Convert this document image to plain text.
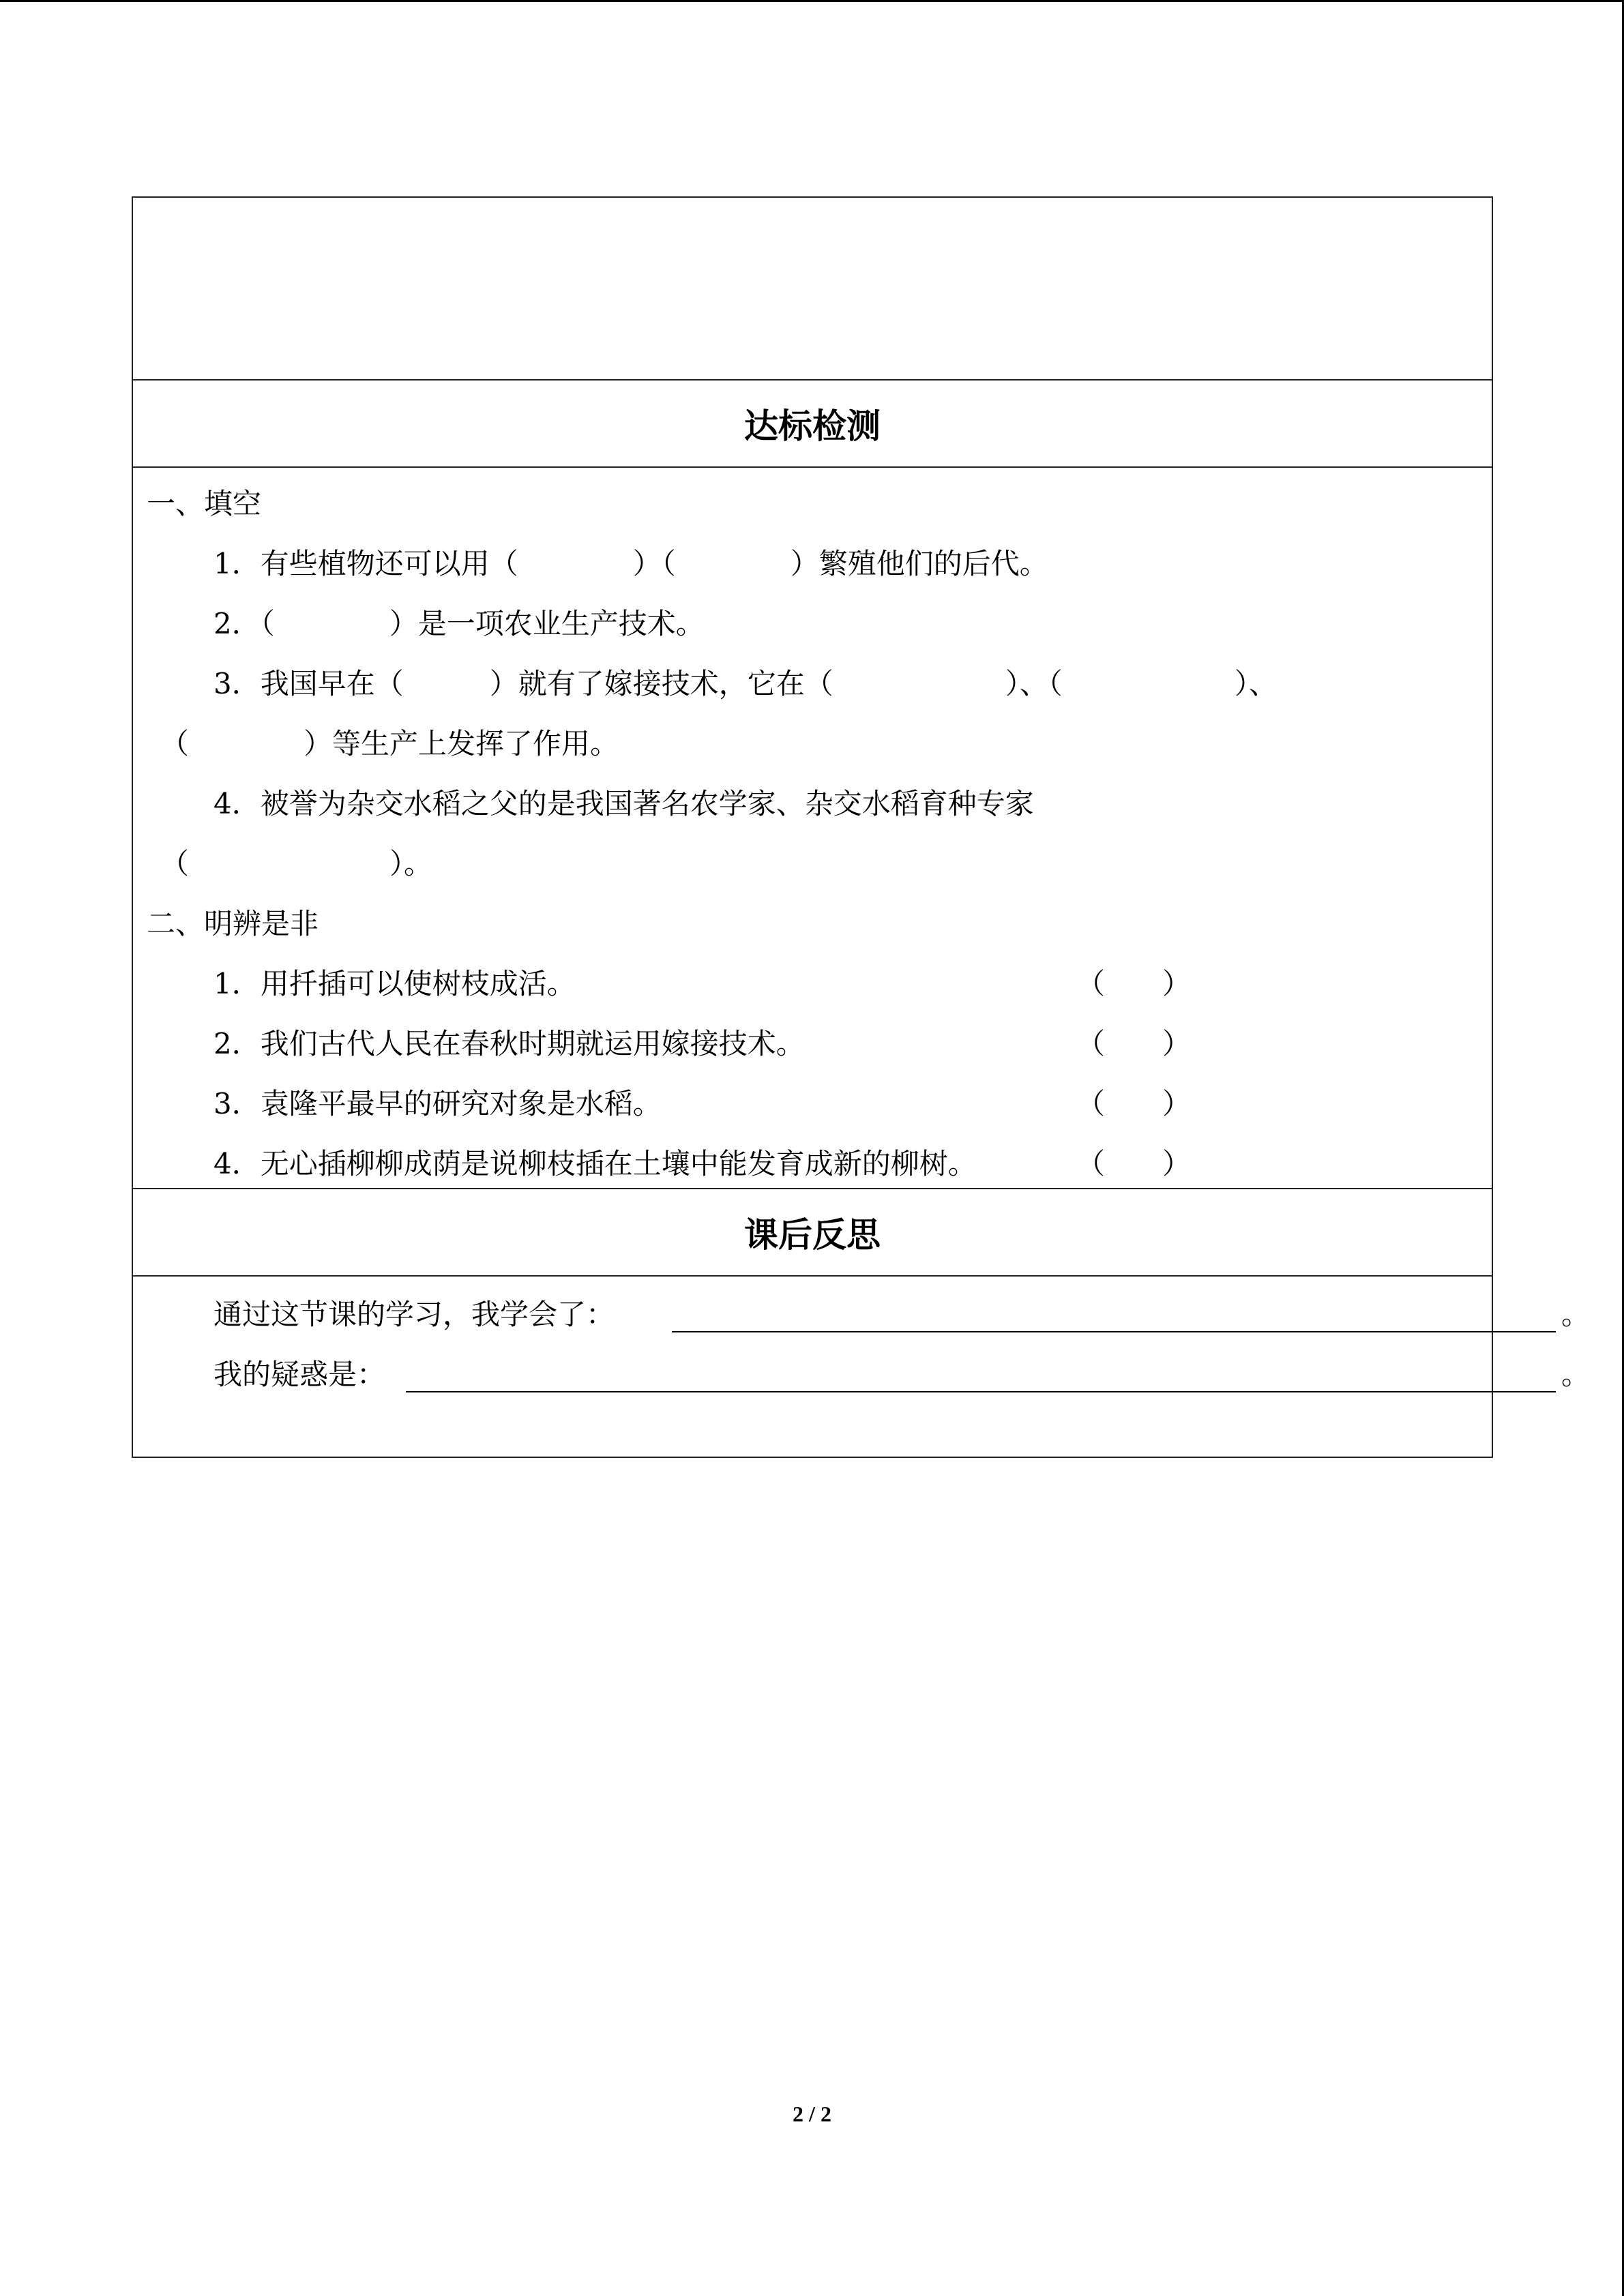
达标检测
一、填空
1．有些植物还可以用（　　　　）（　　　　）繁殖他们的后代。
2．（　　　　）是一项农业生产技术。
3．我国早在（　　　）就有了嫁接技术，它在（　　　　　　）、（　　　　　　）、
（　　　　）等生产上发挥了作用。
4．被誉为杂交水稻之父的是我国著名农学家、杂交水稻育种专家
（　　　　　　　）。
二、明辨是非
1．用扦插可以使树枝成活。	（　　）
2．我们古代人民在春秋时期就运用嫁接技术。	（　　）
3．袁隆平最早的研究对象是水稻。	（　　）
4．无心插柳柳成荫是说柳枝插在土壤中能发育成新的柳树。	（　　）
课后反思
通过这节课的学习，我学会了：	。
我的疑惑是：	。
2 / 2
